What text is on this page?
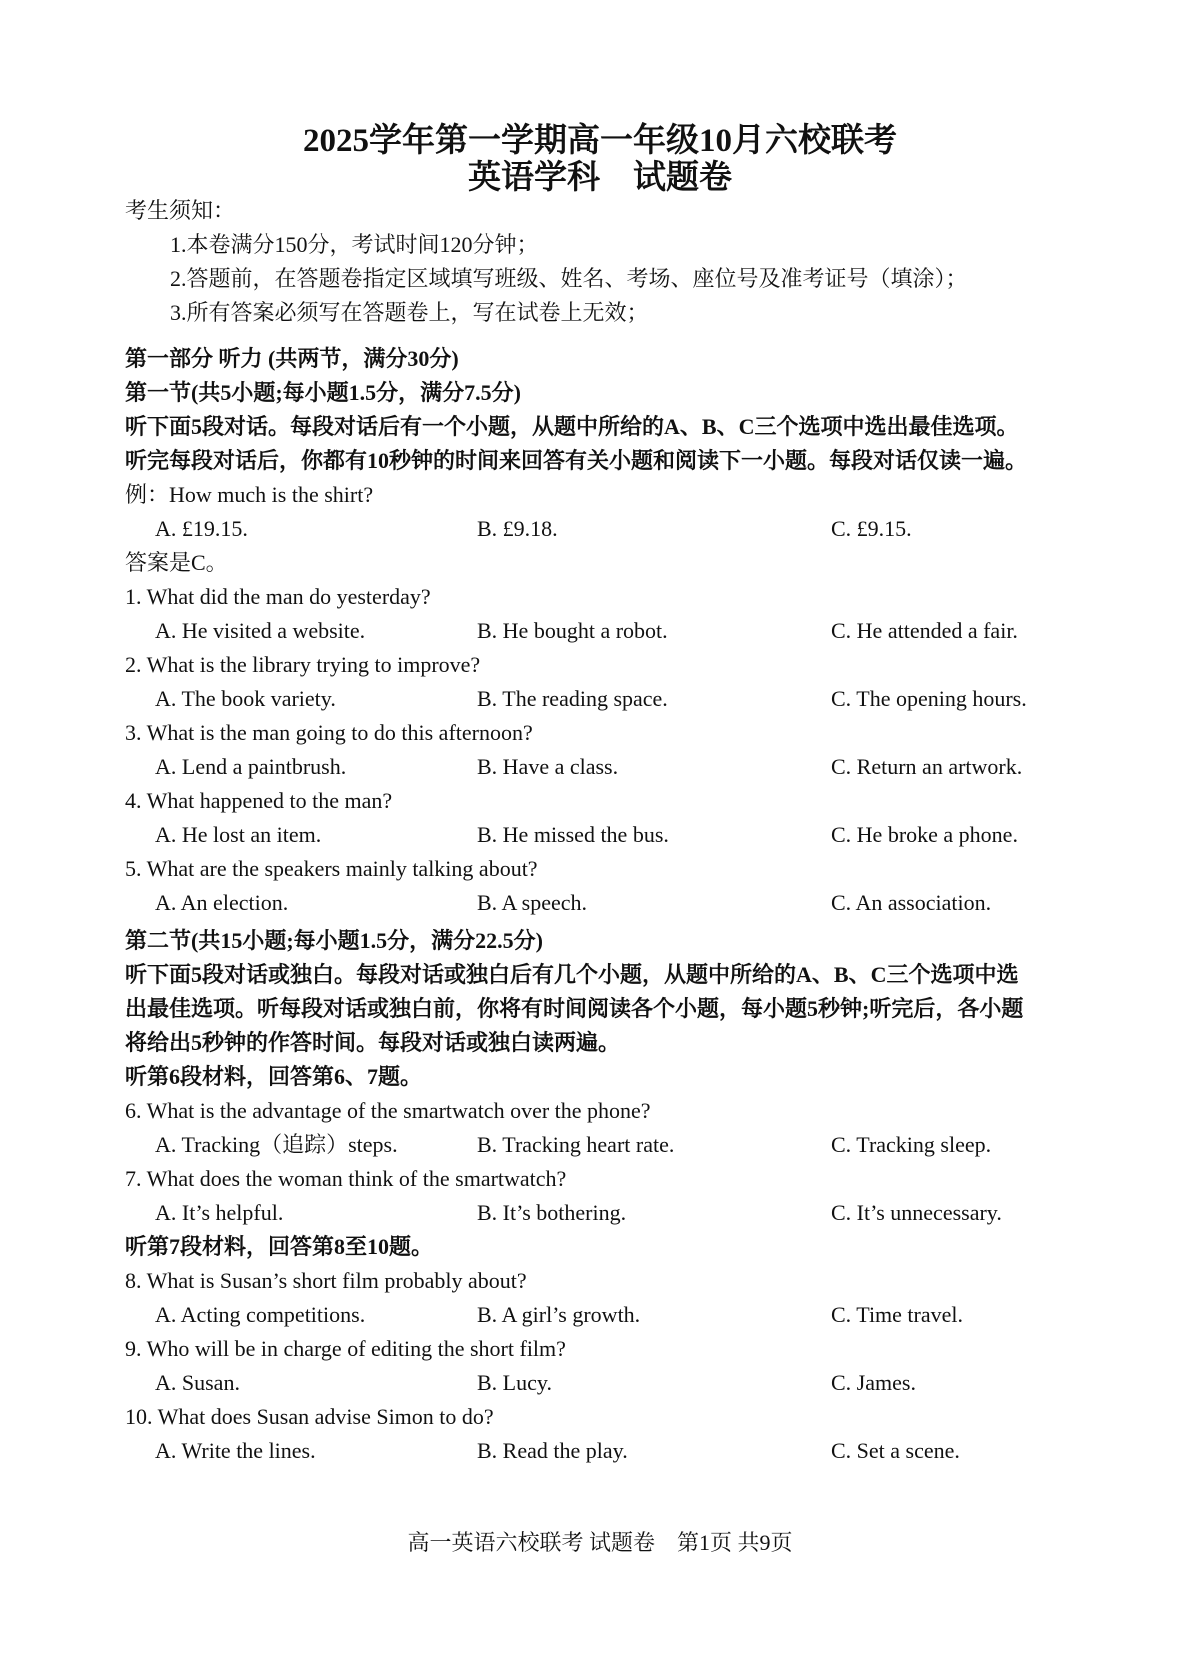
2025学年第一学期高一年级10月六校联考
英语学科　试题卷
考生须知：
1.本卷满分150分，考试时间120分钟；
2.答题前，在答题卷指定区域填写班级、姓名、考场、座位号及准考证号（填涂）；
3.所有答案必须写在答题卷上，写在试卷上无效；
第一部分 听力 (共两节，满分30分)
第一节(共5小题;每小题1.5分，满分7.5分)
听下面5段对话。每段对话后有一个小题，从题中所给的A、B、C三个选项中选出最佳选项。
听完每段对话后，你都有10秒钟的时间来回答有关小题和阅读下一小题。每段对话仅读一遍。
例：How much is the shirt?
A. £19.15.	B. £9.18.	C. £9.15.
答案是C。
1. What did the man do yesterday?
A. He visited a website.	B. He bought a robot.	C. He attended a fair.
2. What is the library trying to improve?
A. The book variety.	B. The reading space.	C. The opening hours.
3. What is the man going to do this afternoon?
A. Lend a paintbrush.	B. Have a class.	C. Return an artwork.
4. What happened to the man?
A. He lost an item.	B. He missed the bus.	C. He broke a phone.
5. What are the speakers mainly talking about?
A. An election.	B. A speech.	C. An association.
第二节(共15小题;每小题1.5分，满分22.5分)
听下面5段对话或独白。每段对话或独白后有几个小题，从题中所给的A、B、C三个选项中选
出最佳选项。听每段对话或独白前，你将有时间阅读各个小题，每小题5秒钟;听完后，各小题
将给出5秒钟的作答时间。每段对话或独白读两遍。
听第6段材料，回答第6、7题。
6. What is the advantage of the smartwatch over the phone?
A. Tracking（追踪）steps.	B. Tracking heart rate.	C. Tracking sleep.
7. What does the woman think of the smartwatch?
A. It’s helpful.	B. It’s bothering.	C. It’s unnecessary.
听第7段材料，回答第8至10题。
8. What is Susan’s short film probably about?
A. Acting competitions.	B. A girl’s growth.	C. Time travel.
9. Who will be in charge of editing the short film?
A. Susan.	B. Lucy.	C. James.
10. What does Susan advise Simon to do?
A. Write the lines.	B. Read the play.	C. Set a scene.
高一英语六校联考 试题卷　第1页 共9页
